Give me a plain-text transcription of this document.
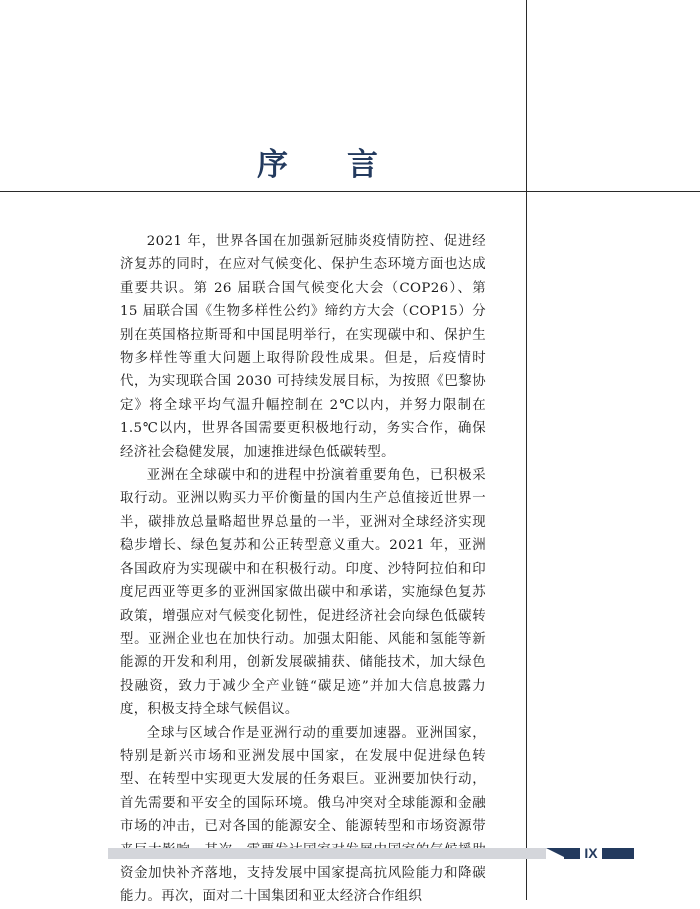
序　言

2021 年，世界各国在加强新冠肺炎疫情防控、促进经济复苏的同时，在应对气候变化、保护生态环境方面也达成重要共识。第 26 届联合国气候变化大会（COP26）、第 15 届联合国《生物多样性公约》缔约方大会（COP15）分别在英国格拉斯哥和中国昆明举行，在实现碳中和、保护生物多样性等重大问题上取得阶段性成果。但是，后疫情时代，为实现联合国 2030 可持续发展目标，为按照《巴黎协定》将全球平均气温升幅控制在 2℃以内，并努力限制在 1.5℃以内，世界各国需要更积极地行动，务实合作，确保经济社会稳健发展，加速推进绿色低碳转型。

亚洲在全球碳中和的进程中扮演着重要角色，已积极采取行动。亚洲以购买力平价衡量的国内生产总值接近世界一半，碳排放总量略超世界总量的一半，亚洲对全球经济实现稳步增长、绿色复苏和公正转型意义重大。2021 年，亚洲各国政府为实现碳中和在积极行动。印度、沙特阿拉伯和印度尼西亚等更多的亚洲国家做出碳中和承诺，实施绿色复苏政策，增强应对气候变化韧性，促进经济社会向绿色低碳转型。亚洲企业也在加快行动。加强太阳能、风能和氢能等新能源的开发和利用，创新发展碳捕获、储能技术，加大绿色投融资，致力于减少全产业链“碳足迹”并加大信息披露力度，积极支持全球气候倡议。

全球与区域合作是亚洲行动的重要加速器。亚洲国家，特别是新兴市场和亚洲发展中国家，在发展中促进绿色转型、在转型中实现更大发展的任务艰巨。亚洲要加快行动，首先需要和平安全的国际环境。俄乌冲突对全球能源和金融市场的冲击，已对各国的能源安全、能源转型和市场资源带 资金加快补齐落地，支持发展中国家提高抗风险能力和降碳能力。再次，面对二十国集团和亚太经济合作组织

IX
